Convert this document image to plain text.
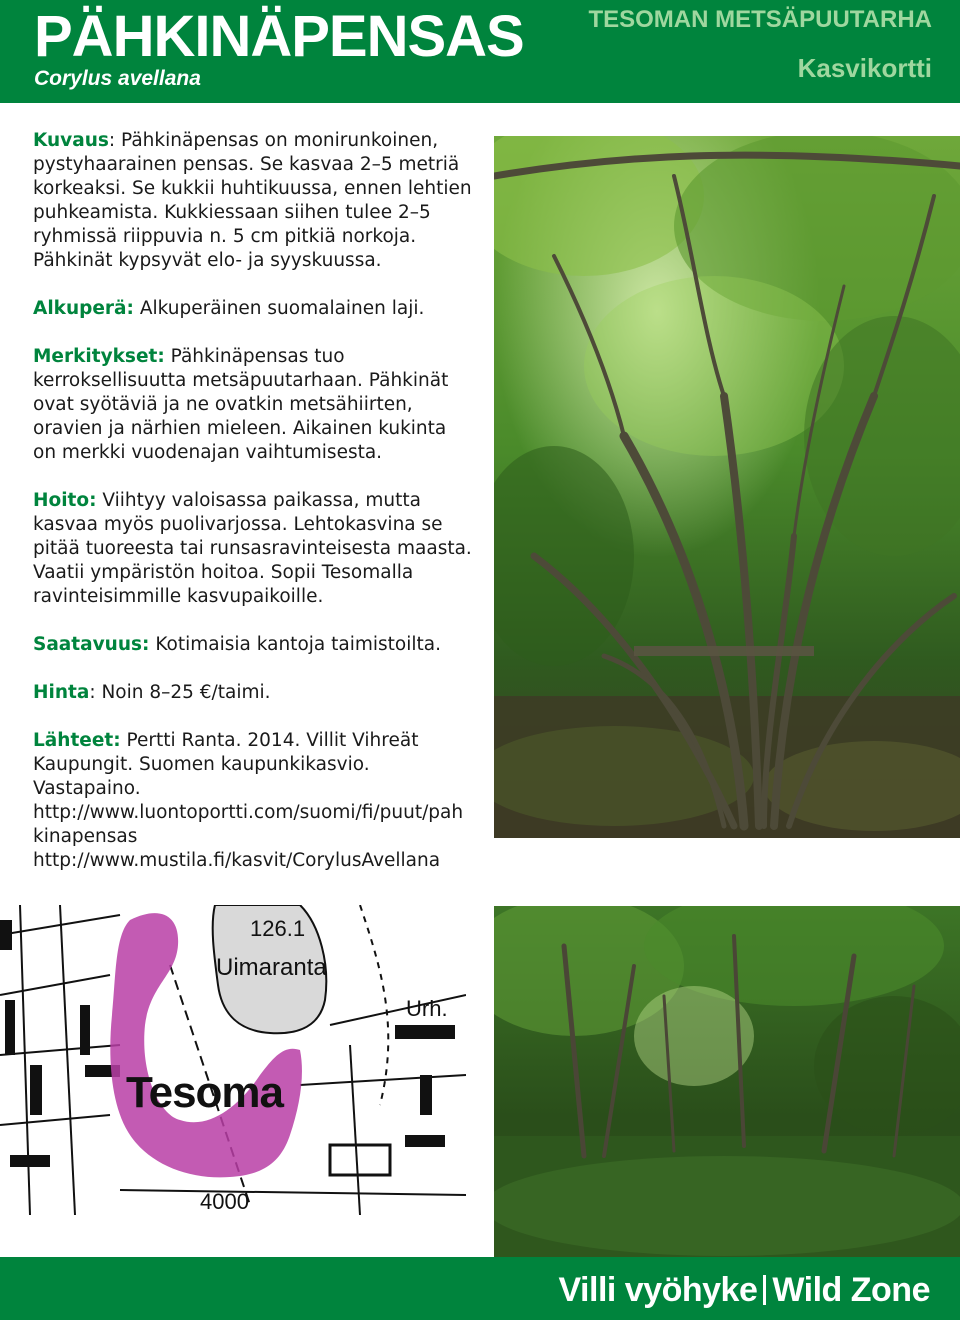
PÄHKINÄPENSAS
Corylus avellana
TESOMAN METSÄPUUTARHA
Kasvikortti

Kuvaus: Pähkinäpensas on monirunkoinen, pystyhaarainen pensas. Se kasvaa 2–5 metriä korkeaksi. Se kukkii huhtikuussa, ennen lehtien puhkeamista. Kukkiessaan siihen tulee 2–5 ryhmissä riippuvia n. 5 cm pitkiä norkoja. Pähkinät kypsyvät elo- ja syyskuussa.

Alkuperä: Alkuperäinen suomalainen laji.

Merkitykset: Pähkinäpensas tuo kerroksellisuutta metsäpuutarhaan. Pähkinät ovat syötäviä ja ne ovatkin metsähiirten, oravien ja närhien mieleen. Aikainen kukinta on merkki vuodenajan vaihtumisesta.

Hoito: Viihtyy valoisassa paikassa, mutta kasvaa myös puolivarjossa. Lehtokasvina se pitää tuoreesta tai runsasravinteisesta maasta. Vaatii ympäristön hoitoa. Sopii Tesomalla ravinteisimmille kasvupaikoille.

Saatavuus: Kotimaisia kantoja taimistoilta.

Hinta: Noin 8–25 €/taimi.

Lähteet: Pertti Ranta. 2014. Villit Vihreät Kaupungit. Suomen kaupunkikasvio. Vastapaino.
http://www.luontoportti.com/suomi/fi/puut/pahkinapensas
http://www.mustila.fi/kasvit/CorylusAvellana

126.1
Uimaranta
Urh.
Tesoma
4000
Villi vyöhyke Wild Zone
